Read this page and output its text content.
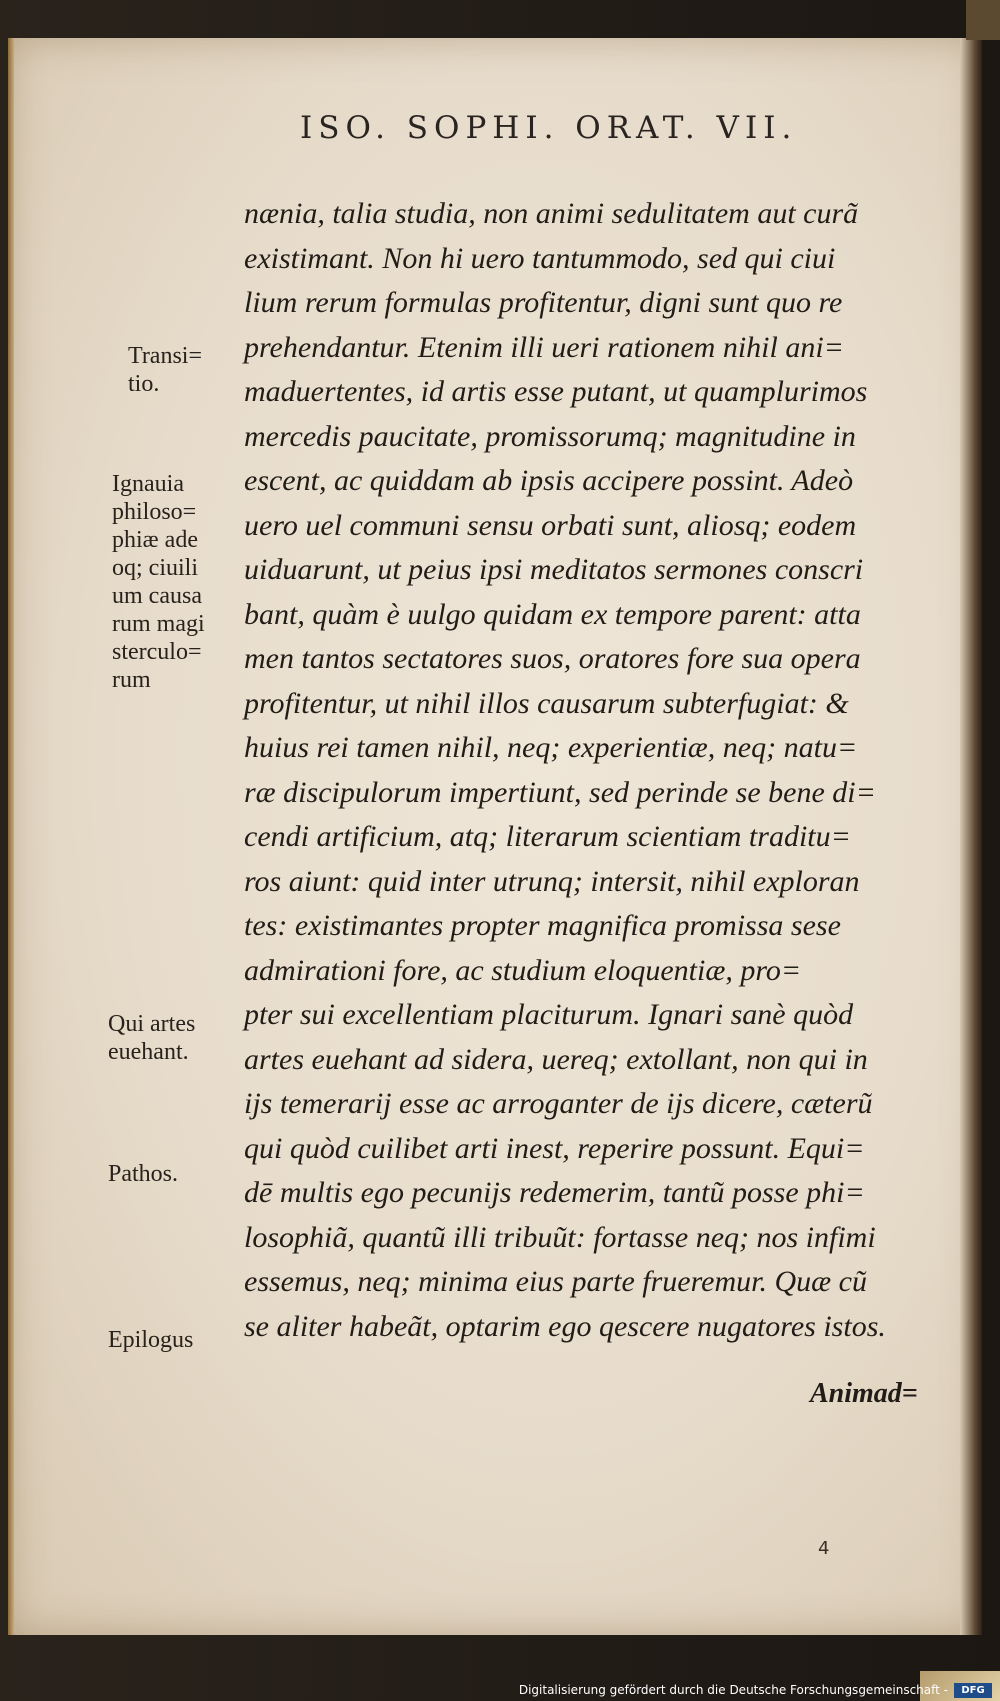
ISO. SOPHI. ORAT. VII.
nænia, talia studia, non animi sedulitatem aut curã
existimant. Non hi uero tantummodo, sed qui ciui
lium rerum formulas profitentur, digni sunt quo re
prehendantur. Etenim illi ueri rationem nihil ani=
maduertentes, id artis esse putant, ut quamplurimos
mercedis paucitate, promissorumq; magnitudine in
escent, ac quiddam ab ipsis accipere possint. Adeò
uero uel communi sensu orbati sunt, aliosq; eodem
uiduarunt, ut peius ipsi meditatos sermones conscri
bant, quàm è uulgo quidam ex tempore parent: atta
men tantos sectatores suos, oratores fore sua opera
profitentur, ut nihil illos causarum subterfugiat: &
huius rei tamen nihil, neq; experientiæ, neq; natu=
ræ discipulorum impertiunt, sed perinde se bene di=
cendi artificium, atq; literarum scientiam traditu=
ros aiunt: quid inter utrunq; intersit, nihil exploran
tes: existimantes propter magnifica promissa sese
admirationi fore, ac studium eloquentiæ, pro=
pter sui excellentiam placiturum. Ignari sanè quòd
artes euehant ad sidera, uereq; extollant, non qui in
ijs temerarij esse ac arroganter de ijs dicere, cæterũ
qui quòd cuilibet arti inest, reperire possunt. Equi=
dē multis ego pecunijs redemerim, tantũ posse phi=
losophiã, quantũ illi tribuũt: fortasse neq; nos infimi
essemus, neq; minima eius parte frueremur. Quæ cũ
se aliter habeãt, optarim ego qescere nugatores istos.
Transi=
tio.
Ignauia
philoso=
phiæ ade
oq; ciuili
um causa
rum magi
sterculo=
rum
Qui artes
euehant.
Pathos.
Epilogus
Animad=
4
Digitalisierung gefördert durch die Deutsche Forschungsgemeinschaft -	DFG
